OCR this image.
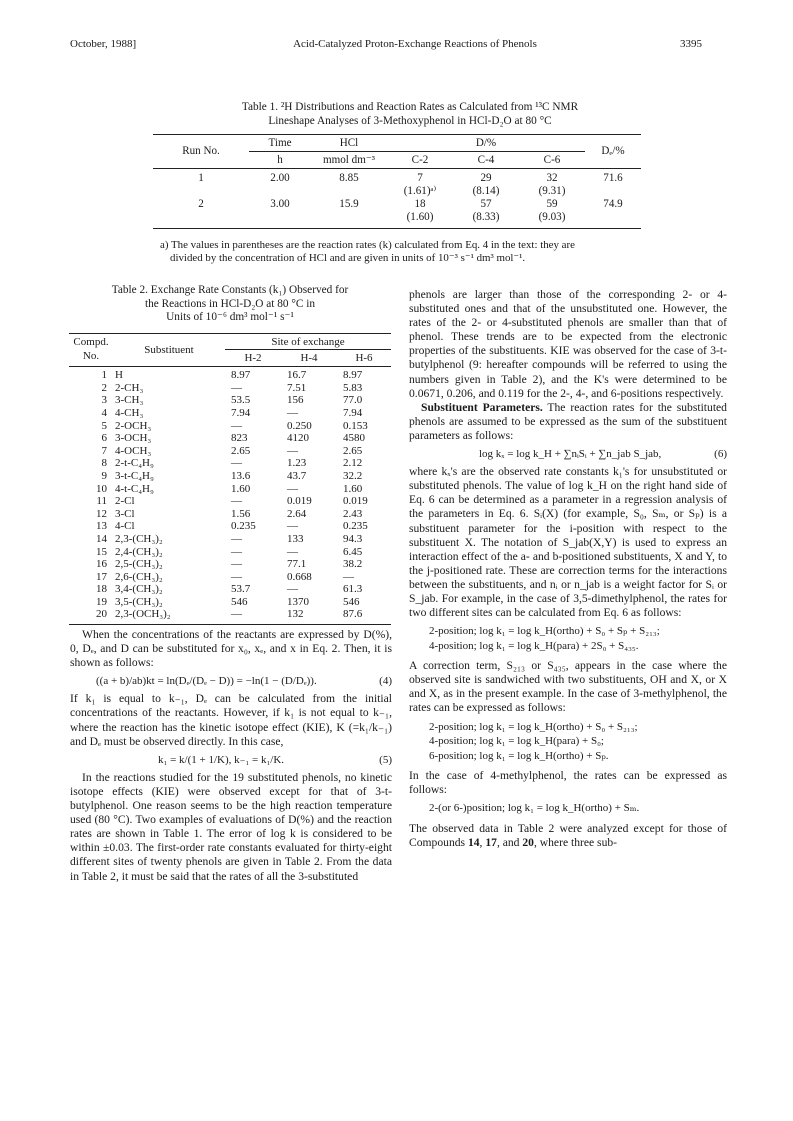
October, 1988]	Acid-Catalyzed Proton-Exchange Reactions of Phenols	3395

Table 1. ²H Distributions and Reaction Rates as Calculated from ¹³C NMR

Lineshape Analyses of 3-Methoxyphenol in HCl-D₂O at 80 °C

Run No.	Time	HCl	D/%			Dₑ/%
	h	mmol dm⁻³	C-2	C-4	C-6	
1	2.00	8.85	7	29	32	71.6
			(1.61)ᵃ⁾	(8.14)	(9.31)	
2	3.00	15.9	18	57	59	74.9
			(1.60)	(8.33)	(9.03)	
a) The values in parentheses are the reaction rates (k) calculated from Eq. 4 in the text: they are
divided by the concentration of HCl and are given in units of 10⁻³ s⁻¹ dm³ mol⁻¹.

Table 2. Exchange Rate Constants (k₁) Observed for

the Reactions in HCl-D₂O at 80 °C in

Units of 10⁻⁶ dm³ mol⁻¹ s⁻¹

Compd.	Substituent	Site of exchange		
No.		H-2	H-4	H-6
1	H	8.97	16.7	8.97
2	2-CH₃	—	7.51	5.83
3	3-CH₃	53.5	156	77.0
4	4-CH₃	7.94	—	7.94
5	2-OCH₃	—	0.250	0.153
6	3-OCH₃	823	4120	4580
7	4-OCH₃	2.65	—	2.65
8	2-t-C₄H₉	—	1.23	2.12
9	3-t-C₄H₉	13.6	43.7	32.2
10	4-t-C₄H₉	1.60	—	1.60
11	2-Cl	—	0.019	0.019
12	3-Cl	1.56	2.64	2.43
13	4-Cl	0.235	—	0.235
14	2,3-(CH₃)₂	—	133	94.3
15	2,4-(CH₃)₂	—	—	6.45
16	2,5-(CH₃)₂	—	77.1	38.2
17	2,6-(CH₃)₂	—	0.668	—
18	3,4-(CH₃)₂	53.7	—	61.3
19	3,5-(CH₃)₂	546	1370	546
20	2,3-(OCH₃)₂	—	132	87.6

When the concentrations of the reactants are expressed by D(%), 0, Dₑ, and D can be substituted for x₀, xₑ, and x in Eq. 2. Then, it is shown as follows:

((a + b)/ab)kt = ln(Dₑ/(Dₑ − D)) = −ln(1 − (D/Dₑ)).	(4)

If k₁ is equal to k₋₁, Dₑ can be calculated from the initial concentrations of the reactants. However, if k₁ is not equal to k₋₁, where the reaction has the kinetic isotope effect (KIE), K (=k₁/k₋₁) and Dₑ must be observed directly. In this case,

k₁ = k/(1 + 1/K), k₋₁ = k₁/K.	(5)

In the reactions studied for the 19 substituted phenols, no kinetic isotope effects (KIE) were observed except for that of 3-t-butylphenol. One reason seems to be the high reaction temperature used (80 °C). Two examples of evaluations of D(%) and the reaction rates are shown in Table 1. The error of log k is considered to be within ±0.03. The first-order rate constants evaluated for thirty-eight different sites of twenty phenols are given in Table 2. From the data in Table 2, it must be said that the rates of all the 3-substituted

phenols are larger than those of the corresponding 2- or 4-substituted ones and that of the unsubstituted one. However, the rates of the 2- or 4-substituted phenols are smaller than that of phenol. These trends are to be expected from the electronic properties of the substituents. KIE was observed for the case of 3-t-butylphenol (9: hereafter compounds will be referred to using the numbers given in Table 2), and the K's were determined to be 0.0671, 0.206, and 0.119 for the 2-, 4-, and 6-positions respectively.

Substituent Parameters. The reaction rates for the substituted phenols are assumed to be expressed as the sum of the substituent parameters as follows:

log kₓ = log k_H + ∑nᵢSᵢ + ∑n_jab S_jab,	(6)

where kₓ's are the observed rate constants k₁'s for unsubstituted or substituted phenols. The value of log k_H on the right hand side of Eq. 6 can be determined as a parameter in a regression analysis of the parameters in Eq. 6. Sᵢ(X) (for example, S₀, Sₘ, or Sₚ) is a substituent parameter for the i-position with respect to the substituent X. The notation of S_jab(X,Y) is used to express an interaction effect of the a- and b-positioned substituents, X and Y, to the j-positioned rate. These are correction terms for the interactions between the substituents, and nᵢ or n_jab is a weight factor for Sᵢ or S_jab. For example, in the case of 3,5-dimethylphenol, the rates for two different sites can be calculated from Eq. 6 as follows:

2-position; log k₁ = log k_H(ortho) + S₀ + Sₚ + S₂₁₃;
4-position; log k₁ = log k_H(para) + 2S₀ + S₄₃₅.

A correction term, S₂₁₃ or S₄₃₅, appears in the case where the observed site is sandwiched with two substituents, OH and X, or X and X, as in the present example. In the case of 3-methylphenol, the rates can be expressed as follows:

2-position; log k₁ = log k_H(ortho) + S₀ + S₂₁₃;
4-position; log k₁ = log k_H(para) + S₀;
6-position; log k₁ = log k_H(ortho) + Sₚ.

In the case of 4-methylphenol, the rates can be expressed as follows:

2-(or 6-)position; log k₁ = log k_H(ortho) + Sₘ.

The observed data in Table 2 were analyzed except for those of Compounds 14, 17, and 20, where three sub-
